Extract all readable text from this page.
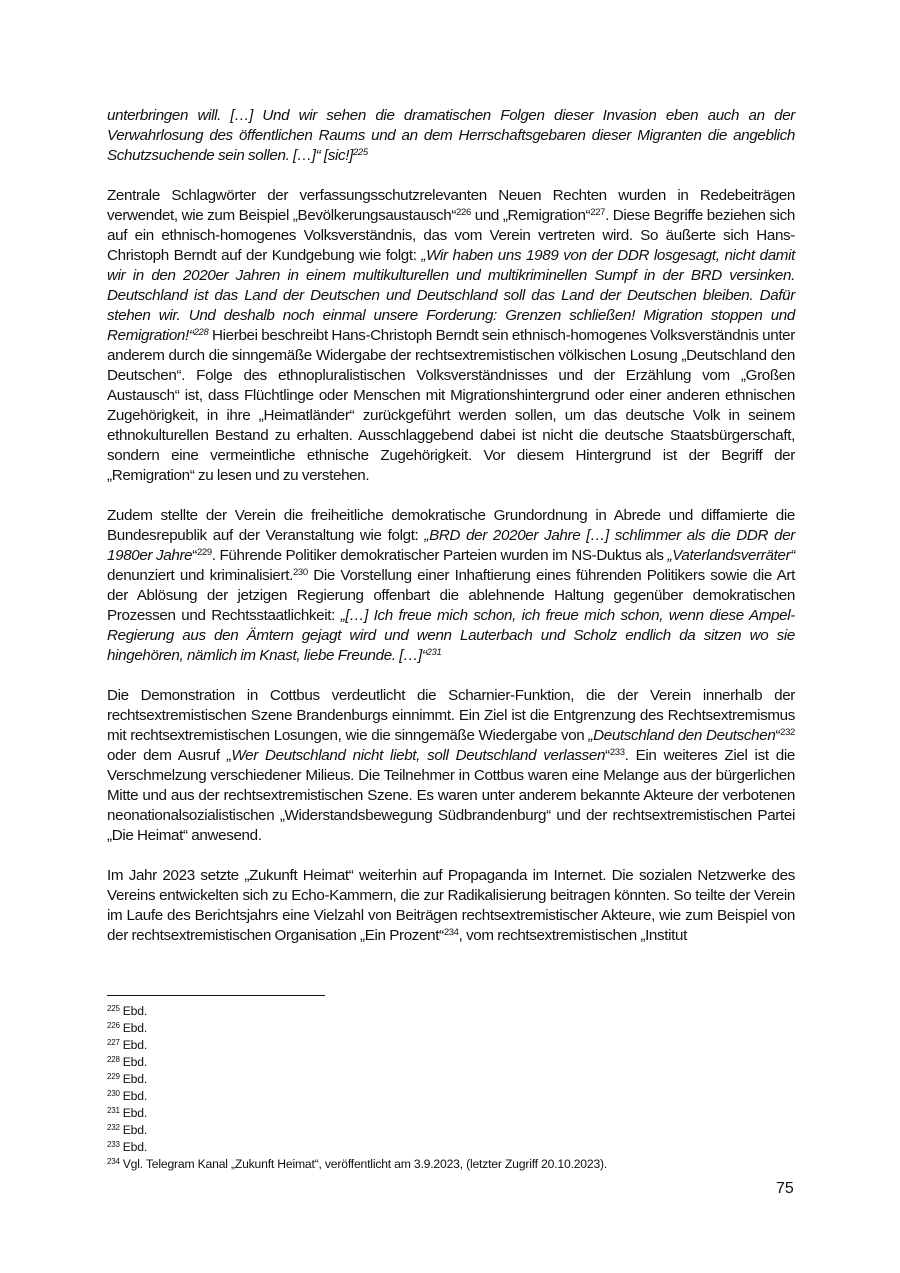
unterbringen will. […] Und wir sehen die dramatischen Folgen dieser Invasion eben auch an der Verwahrlosung des öffentlichen Raums und an dem Herrschaftsgebaren dieser Migranten die angeblich Schutzsuchende sein sollen. […]“ $[sic!]^{225}$

Zentrale Schlagwörter der verfassungsschutzrelevanten Neuen Rechten wurden in Redebeiträgen verwendet, wie zum Beispiel „Bevölkerungsaustausch“$^{226}$ und „Remigration“$^{227}$. Diese Begriffe beziehen sich auf ein ethnisch-homogenes Volksverständnis, das vom Verein vertreten wird. So äußerte sich Hans-Christoph Berndt auf der Kundgebung wie folgt: „Wir haben uns 1989 von der DDR losgesagt, nicht damit wir in den 2020er Jahren in einem multikulturellen und multikriminellen Sumpf in der BRD versinken. Deutschland ist das Land der Deutschen und Deutschland soll das Land der Deutschen bleiben. Dafür stehen wir. Und deshalb noch einmal unsere Forderung: Grenzen schließen! Migration stoppen und Remigration!“$^{228}$ Hierbei beschreibt Hans-Christoph Berndt sein ethnisch-homogenes Volksverständnis unter anderem durch die sinngemäße Widergabe der rechtsextremistischen völkischen Losung „Deutschland den Deutschen“. Folge des ethnopluralistischen Volksverständnisses und der Erzählung vom „Großen Austausch“ ist, dass Flüchtlinge oder Menschen mit Migrationshintergrund oder einer anderen ethnischen Zugehörigkeit, in ihre „Heimatländer“ zurückgeführt werden sollen, um das deutsche Volk in seinem ethnokulturellen Bestand zu erhalten. Ausschlaggebend dabei ist nicht die deutsche Staatsbürgerschaft, sondern eine vermeintliche ethnische Zugehörigkeit. Vor diesem Hintergrund ist der Begriff der „Remigration“ zu lesen und zu verstehen.

Zudem stellte der Verein die freiheitliche demokratische Grundordnung in Abrede und diffamierte die Bundesrepublik auf der Veranstaltung wie folgt: „BRD der 2020er Jahre […] schlimmer als die DDR der 1980er Jahre“$^{229}$. Führende Politiker demokratischer Parteien wurden im NS-Duktus als „Vaterlandsverräter“ denunziert und kriminalisiert.$^{230}$ Die Vorstellung einer Inhaftierung eines führenden Politikers sowie die Art der Ablösung der jetzigen Regierung offenbart die ablehnende Haltung gegenüber demokratischen Prozessen und Rechtsstaatlichkeit: „[…] Ich freue mich schon, ich freue mich schon, wenn diese Ampel-Regierung aus den Ämtern gejagt wird und wenn Lauterbach und Scholz endlich da sitzen wo sie hingehören, nämlich im Knast, liebe Freunde. […]“$^{231}$

Die Demonstration in Cottbus verdeutlicht die Scharnier-Funktion, die der Verein innerhalb der rechtsextremistischen Szene Brandenburgs einnimmt. Ein Ziel ist die Entgrenzung des Rechtsextremismus mit rechtsextremistischen Losungen, wie die sinngemäße Wiedergabe von „Deutschland den Deutschen“$^{232}$ oder dem Ausruf „Wer Deutschland nicht liebt, soll Deutschland verlassen“$^{233}$. Ein weiteres Ziel ist die Verschmelzung verschiedener Milieus. Die Teilnehmer in Cottbus waren eine Melange aus der bürgerlichen Mitte und aus der rechtsextremistischen Szene. Es waren unter anderem bekannte Akteure der verbotenen neonationalsozialistischen „Widerstandsbewegung Südbrandenburg“ und der rechtsextremistischen Partei „Die Heimat“ anwesend.

Im Jahr 2023 setzte „Zukunft Heimat“ weiterhin auf Propaganda im Internet. Die sozialen Netzwerke des Vereins entwickelten sich zu Echo-Kammern, die zur Radikalisierung beitragen könnten. So teilte der Verein im Laufe des Berichtsjahrs eine Vielzahl von Beiträgen rechtsextremistischer Akteure, wie zum Beispiel von der rechtsextremistischen Organisation „Ein Prozent“$^{234}$, vom rechtsextremistischen „Institut

$^{225}$ Ebd.
$^{226}$ Ebd.
$^{227}$ Ebd.
$^{228}$ Ebd.
$^{229}$ Ebd.
$^{230}$ Ebd.
$^{231}$ Ebd.
$^{232}$ Ebd.
$^{233}$ Ebd.
$^{234}$ Vgl. Telegram Kanal „Zukunft Heimat“, veröffentlicht am 3.9.2023, (letzter Zugriff 20.10.2023).
75
